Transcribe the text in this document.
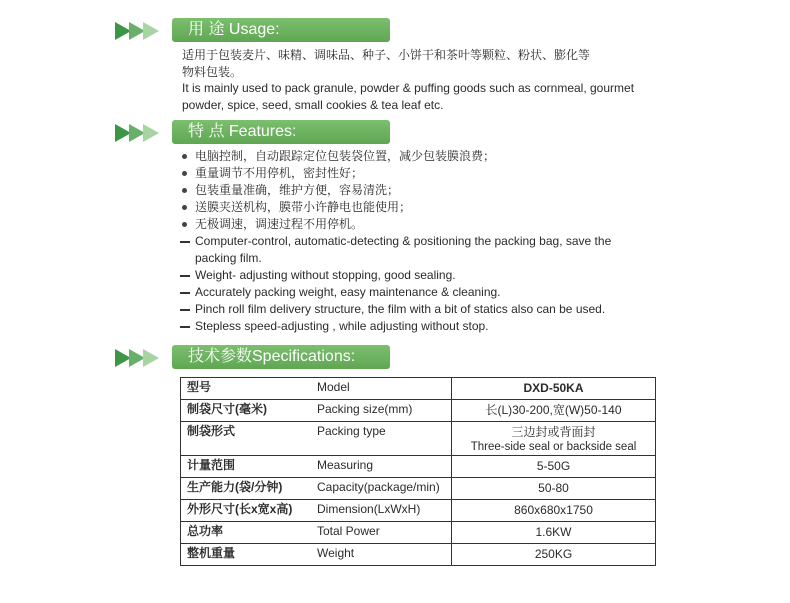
用 途 Usage:
适用于包装麦片、味精、调味品、种子、小饼干和茶叶等颗粒、粉状、膨化等
物料包装。
It is mainly used to pack granule, powder & puffing goods such as cornmeal, gourmet
powder, spice, seed, small cookies & tea leaf etc.
特 点 Features:
电脑控制，自动跟踪定位包装袋位置，减少包装膜浪费；
重量调节不用停机，密封性好；
包装重量准确，维护方便，容易清洗；
送膜夹送机构，膜带小许静电也能使用；
无极调速，调速过程不用停机。
Computer-control, automatic-detecting & positioning the packing bag, save the
packing film.
Weight- adjusting without stopping, good sealing.
Accurately packing weight, easy maintenance & cleaning.
Pinch roll film delivery structure, the film with a bit of statics also can be used.
Stepless speed-adjusting , while adjusting without stop.
技术参数Specifications:
型号	Model	DXD-50KA
制袋尺寸(毫米)	Packing size(mm)	长(L)30-200,宽(W)50-140
制袋形式	Packing type	三边封或背面封
Three-side seal or backside seal

计量范围	Measuring	5-50G
生产能力(袋/分钟)	Capacity(package/min)	50-80
外形尺寸(长x宽x高)	Dimension(LxWxH)	860x680x1750
总功率	Total Power	1.6KW
整机重量	Weight	250KG
